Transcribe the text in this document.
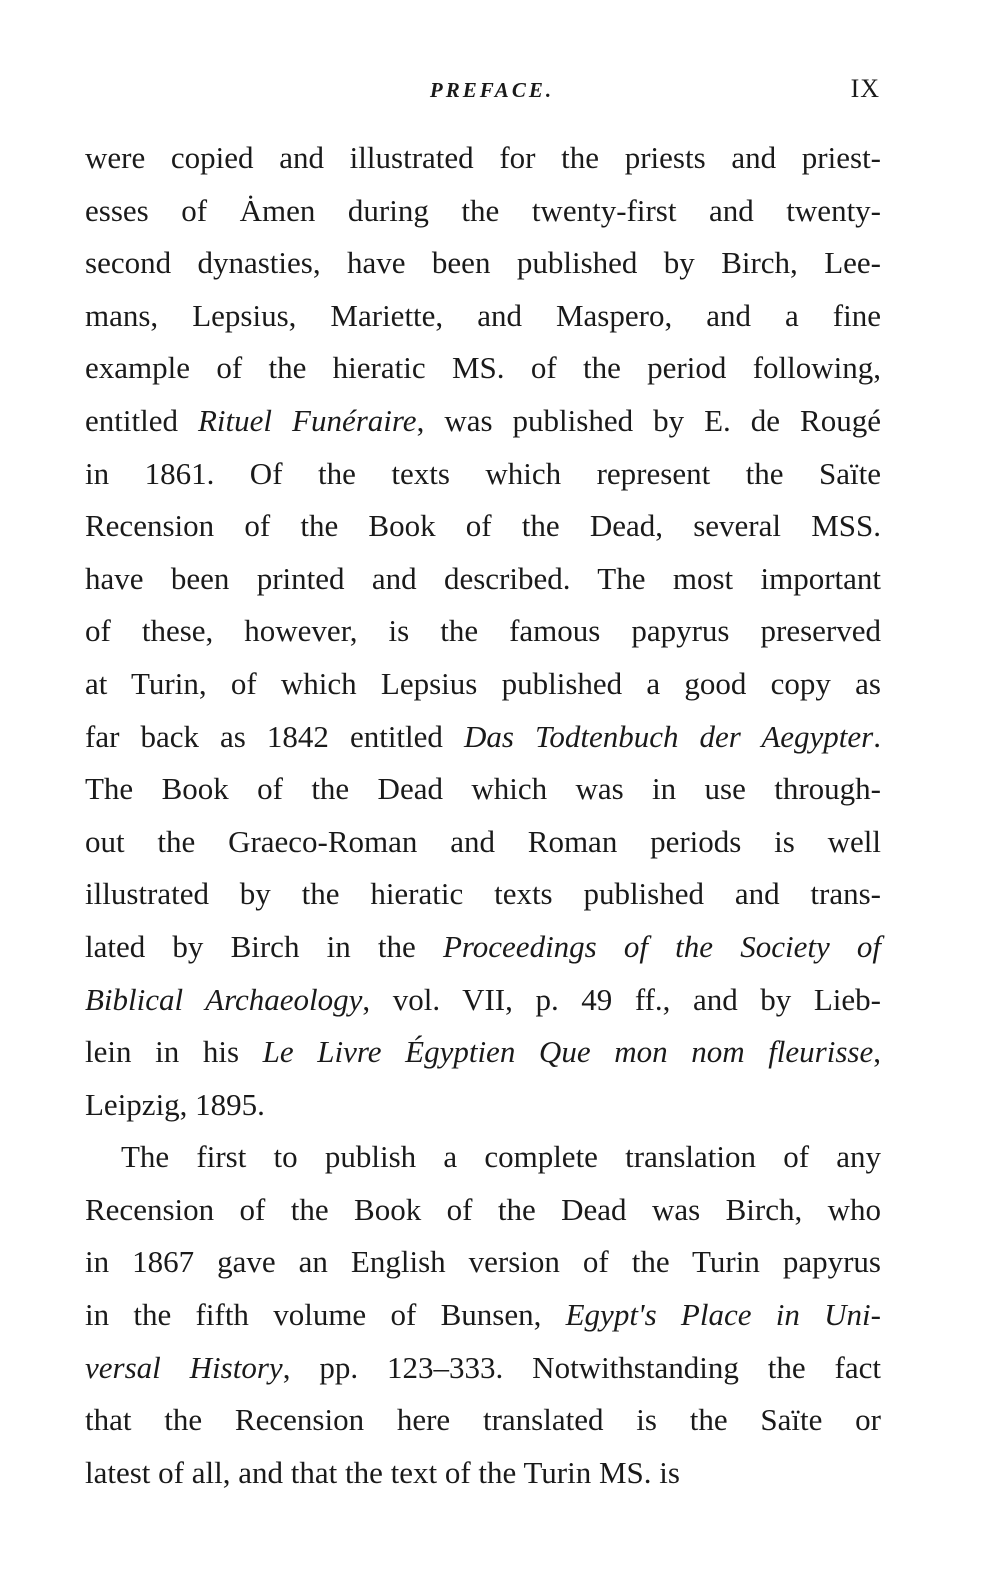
PREFACE.	IX
were copied and illustrated for the priests and priest-
esses of Ȧmen during the twenty-first and twenty-
second dynasties, have been published by Birch, Lee-
mans, Lepsius, Mariette, and Maspero, and a fine
example of the hieratic MS. of the period following,
entitled Rituel Funéraire, was published by E. de Rougé
in 1861. Of the texts which represent the Saïte
Recension of the Book of the Dead, several MSS.
have been printed and described. The most important
of these, however, is the famous papyrus preserved
at Turin, of which Lepsius published a good copy as
far back as 1842 entitled Das Todtenbuch der Aegypter.
The Book of the Dead which was in use through-
out the Graeco-Roman and Roman periods is well
illustrated by the hieratic texts published and trans-
lated by Birch in the Proceedings of the Society of
Biblical Archaeology, vol. VII, p. 49 ff., and by Lieb-
lein in his Le Livre Égyptien Que mon nom fleurisse,
Leipzig, 1895.
The first to publish a complete translation of any
Recension of the Book of the Dead was Birch, who
in 1867 gave an English version of the Turin papyrus
in the fifth volume of Bunsen, Egypt's Place in Uni-
versal History, pp. 123–333. Notwithstanding the fact
that the Recension here translated is the Saïte or
latest of all, and that the text of the Turin MS. is
